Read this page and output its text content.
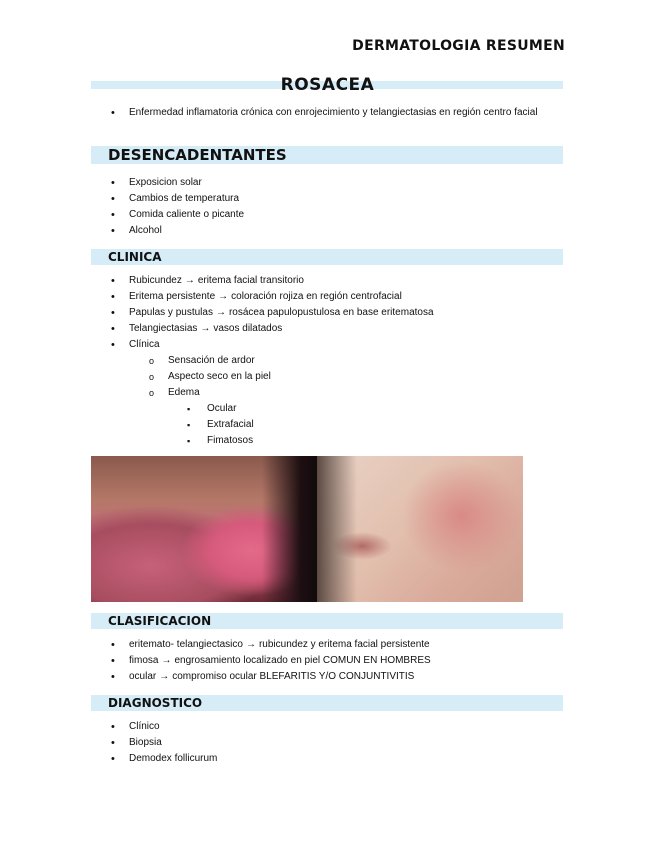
DERMATOLOGIA RESUMEN
ROSACEA
• Enfermedad inflamatoria crónica con enrojecimiento y telangiectasias en región centro facial
DESENCADENTANTES
• Exposicion solar
• Cambios de temperatura
• Comida caliente o picante
• Alcohol
CLINICA
• Rubicundez → eritema facial transitorio
• Eritema persistente → coloración rojiza en región centrofacial
• Papulas y pustulas → rosácea papulopustulosa en base eritematosa
• Telangiectasias → vasos dilatados
• Clínica
o Sensación de ardor
o Aspecto seco en la piel
o Edema
▪ Ocular
▪ Extrafacial
▪ Fimatosos
CLASIFICACION
• eritemato- telangiectasico → rubicundez y eritema facial persistente
• fimosa → engrosamiento localizado en piel COMUN EN HOMBRES
• ocular → compromiso ocular BLEFARITIS Y/O CONJUNTIVITIS
DIAGNOSTICO
• Clínico
• Biopsia
• Demodex follicurum
